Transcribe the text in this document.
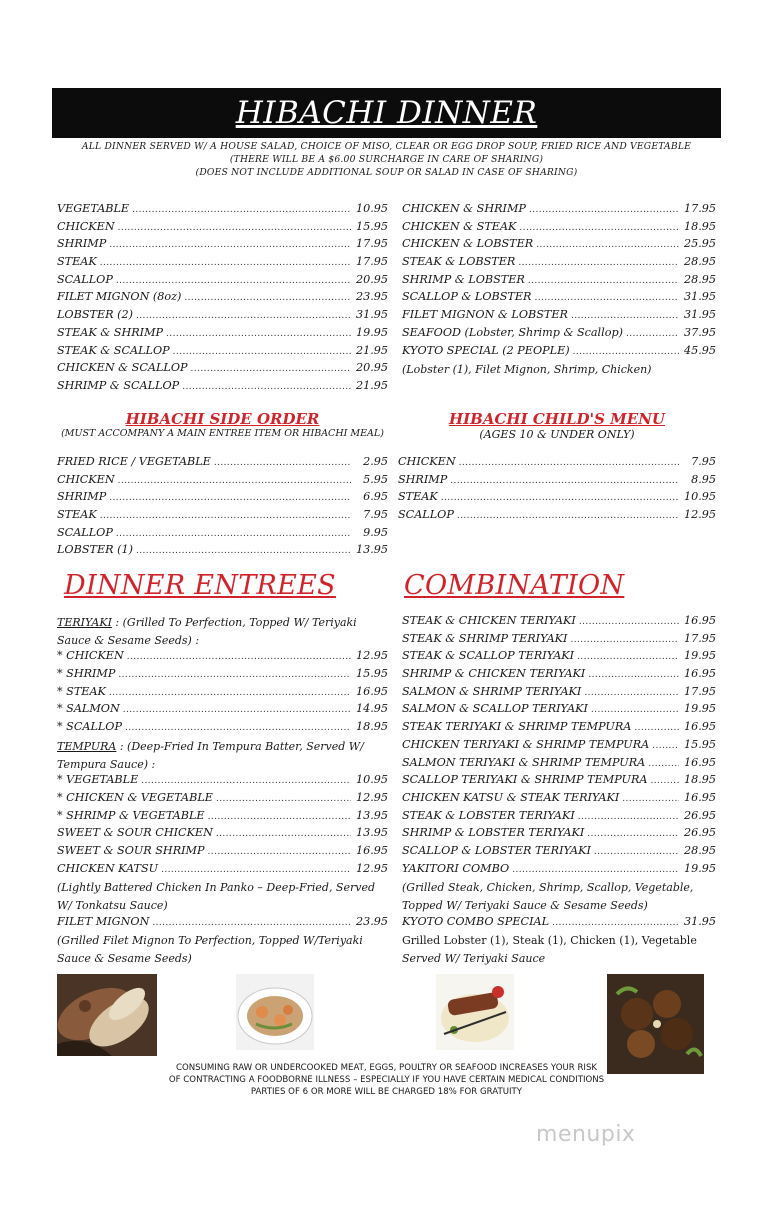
HIBACHI DINNER
ALL DINNER SERVED W/ A HOUSE SALAD, CHOICE OF MISO, CLEAR OR EGG DROP SOUP, FRIED RICE AND VEGETABLE
(THERE WILL BE A $6.00 SURCHARGE IN CARE OF SHARING)
(DOES NOT INCLUDE ADDITIONAL SOUP OR SALAD IN CASE OF SHARING)
VEGETABLE .....	10.95
CHICKEN .....	15.95
SHRIMP .....	17.95
STEAK .....	17.95
SCALLOP .....	20.95
FILET MIGNON (8oz) .....	23.95
LOBSTER (2) .....	31.95
STEAK & SHRIMP .....	19.95
STEAK & SCALLOP .....	21.95
CHICKEN & SCALLOP .....	20.95
SHRIMP & SCALLOP .....	21.95
CHICKEN & SHRIMP .....	17.95
CHICKEN & STEAK .....	18.95
CHICKEN & LOBSTER .....	25.95
STEAK & LOBSTER .....	28.95
SHRIMP & LOBSTER .....	28.95
SCALLOP & LOBSTER .....	31.95
FILET MIGNON & LOBSTER .....	31.95
SEAFOOD (Lobster, Shrimp & Scallop) .....	37.95
KYOTO SPECIAL (2 PEOPLE) .....	45.95
(Lobster (1), Filet Mignon, Shrimp, Chicken)
HIBACHI SIDE ORDER
(MUST ACCOMPANY A MAIN ENTREE ITEM OR HIBACHI MEAL)
FRIED RICE / VEGETABLE .....	2.95
CHICKEN .....	5.95
SHRIMP .....	6.95
STEAK .....	7.95
SCALLOP .....	9.95
LOBSTER (1) .....	13.95
HIBACHI CHILD'S MENU
(AGES 10 & UNDER ONLY)
CHICKEN .....	7.95
SHRIMP .....	8.95
STEAK .....	10.95
SCALLOP .....	12.95
DINNER ENTREES
TERIYAKI : (Grilled To Perfection, Topped W/ Teriyaki
Sauce & Sesame Seeds) :
* CHICKEN .....	12.95
* SHRIMP .....	15.95
* STEAK .....	16.95
* SALMON .....	14.95
* SCALLOP .....	18.95
TEMPURA : (Deep-Fried In Tempura Batter, Served W/
Tempura Sauce) :
* VEGETABLE .....	10.95
* CHICKEN & VEGETABLE .....	12.95
* SHRIMP & VEGETABLE .....	13.95
SWEET & SOUR CHICKEN .....	13.95
SWEET & SOUR SHRIMP .....	16.95
CHICKEN KATSU .....	12.95
(Lightly Battered Chicken In Panko – Deep-Fried, Served
W/ Tonkatsu Sauce)
FILET MIGNON .....	23.95
(Grilled Filet Mignon To Perfection, Topped W/Teriyaki
Sauce & Sesame Seeds)
COMBINATION
STEAK & CHICKEN TERIYAKI .....	16.95
STEAK & SHRIMP TERIYAKI .....	17.95
STEAK & SCALLOP TERIYAKI .....	19.95
SHRIMP & CHICKEN TERIYAKI .....	16.95
SALMON & SHRIMP TERIYAKI .....	17.95
SALMON & SCALLOP TERIYAKI .....	19.95
STEAK TERIYAKI & SHRIMP TEMPURA .....	16.95
CHICKEN TERIYAKI & SHRIMP TEMPURA .....	15.95
SALMON TERIYAKI & SHRIMP TEMPURA .....	16.95
SCALLOP TERIYAKI & SHRIMP TEMPURA .....	18.95
CHICKEN KATSU & STEAK TERIYAKI .....	16.95
STEAK & LOBSTER TERIYAKI .....	26.95
SHRIMP & LOBSTER TERIYAKI .....	26.95
SCALLOP & LOBSTER TERIYAKI .....	28.95
YAKITORI COMBO .....	19.95
(Grilled Steak, Chicken, Shrimp, Scallop, Vegetable,
Topped W/ Teriyaki Sauce & Sesame Seeds)
KYOTO COMBO SPECIAL .....	31.95
Grilled Lobster (1), Steak (1), Chicken (1), Vegetable
Served W/ Teriyaki Sauce
CONSUMING RAW OR UNDERCOOKED MEAT, EGGS, POULTRY OR SEAFOOD INCREASES YOUR RISK
OF CONTRACTING A FOODBORNE ILLNESS – ESPECIALLY IF YOU HAVE CERTAIN MEDICAL CONDITIONS
PARTIES OF 6 OR MORE WILL BE CHARGED 18% FOR GRATUITY
menupix
